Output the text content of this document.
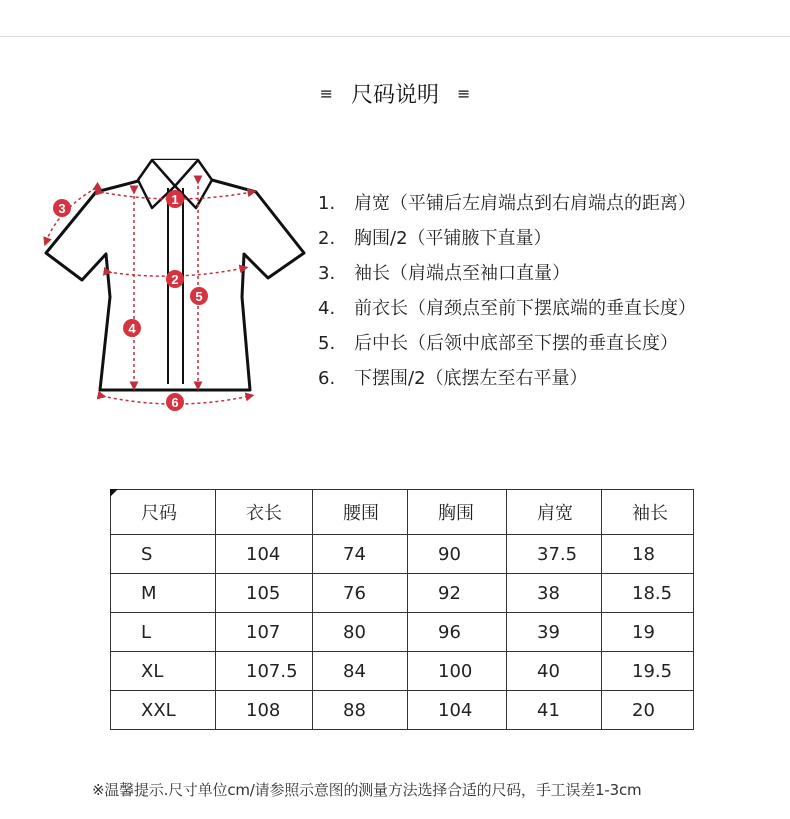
≡ 尺码说明 ≡
1
2
3
4
5
6
1. 肩宽（平铺后左肩端点到右肩端点的距离）
2. 胸围/2（平铺腋下直量）
3. 袖长（肩端点至袖口直量）
4. 前衣长（肩颈点至前下摆底端的垂直长度）
5. 后中长（后领中底部至下摆的垂直长度）
6. 下摆围/2（底摆左至右平量）
尺码	衣长	腰围	胸围	肩宽	袖长
S	104	74	90	37.5	18
M	105	76	92	38	18.5
L	107	80	96	39	19
XL	107.5	84	100	40	19.5
XXL	108	88	104	41	20
※温馨提示.尺寸单位cm/请参照示意图的测量方法选择合适的尺码，手工误差1-3cm
